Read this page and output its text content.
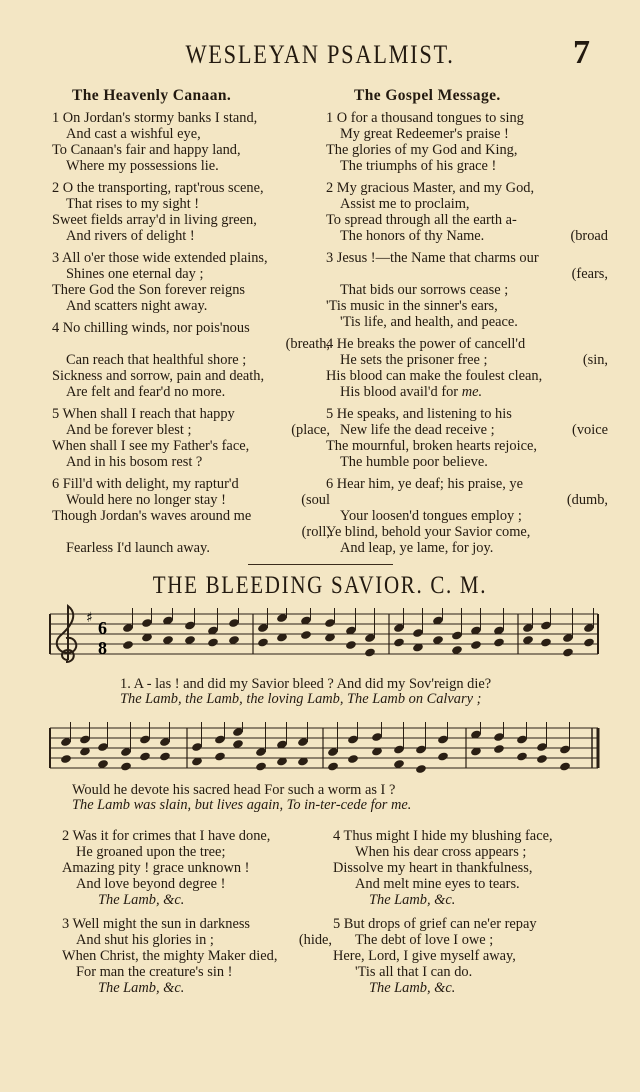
WESLEYAN PSALMIST.	7
The Heavenly Canaan.
1 On Jordan's stormy banks I stand,
And cast a wishful eye,
To Canaan's fair and happy land,
Where my possessions lie.
2 O the transporting, rapt'rous scene,
That rises to my sight !
Sweet fields array'd in living green,
And rivers of delight !
3 All o'er those wide extended plains,
Shines one eternal day ;
There God the Son forever reigns
And scatters night away.
4 No chilling winds, nor pois'nous
(breath,
Can reach that healthful shore ;
Sickness and sorrow, pain and death,
Are felt and fear'd no more.
5 When shall I reach that happy
And be forever blest ;	(place,
When shall I see my Father's face,
And in his bosom rest ?
6 Fill'd with delight, my raptur'd
Would here no longer stay !	(soul
Though Jordan's waves around me
(roll,
Fearless I'd launch away.
The Gospel Message.
1 O for a thousand tongues to sing
My great Redeemer's praise !
The glories of my God and King,
The triumphs of his grace !
2 My gracious Master, and my God,
Assist me to proclaim,
To spread through all the earth a-
The honors of thy Name.	(broad
3 Jesus !—the Name that charms our
(fears,
That bids our sorrows cease ;
'Tis music in the sinner's ears,
'Tis life, and health, and peace.
4 He breaks the power of cancell'd
He sets the prisoner free ;	(sin,
His blood can make the foulest clean,
His blood avail'd for me.
5 He speaks, and listening to his
New life the dead receive ;	(voice
The mournful, broken hearts rejoice,
The humble poor believe.
6 Hear him, ye deaf; his praise, ye
(dumb,
Your loosen'd tongues employ ;
Ye blind, behold your Savior come,
And leap, ye lame, for joy.
THE BLEEDING SAVIOR. C. M.
♯ 6
8
1. A - las ! and did my Savior bleed ? And did my Sov'reign die?
The Lamb, the Lamb, the loving Lamb, The Lamb on Calvary ;
Would he devote his sacred head For such a worm as I ?
The Lamb was slain, but lives again, To in-ter-cede for me.
2 Was it for crimes that I have done,
He groaned upon the tree;
Amazing pity ! grace unknown !
And love beyond degree !
The Lamb, &c.
3 Well might the sun in darkness
And shut his glories in ;	(hide,
When Christ, the mighty Maker died,
For man the creature's sin !
The Lamb, &c.
4 Thus might I hide my blushing face,
When his dear cross appears ;
Dissolve my heart in thankfulness,
And melt mine eyes to tears.
The Lamb, &c.
5 But drops of grief can ne'er repay
The debt of love I owe ;
Here, Lord, I give myself away,
'Tis all that I can do.
The Lamb, &c.
